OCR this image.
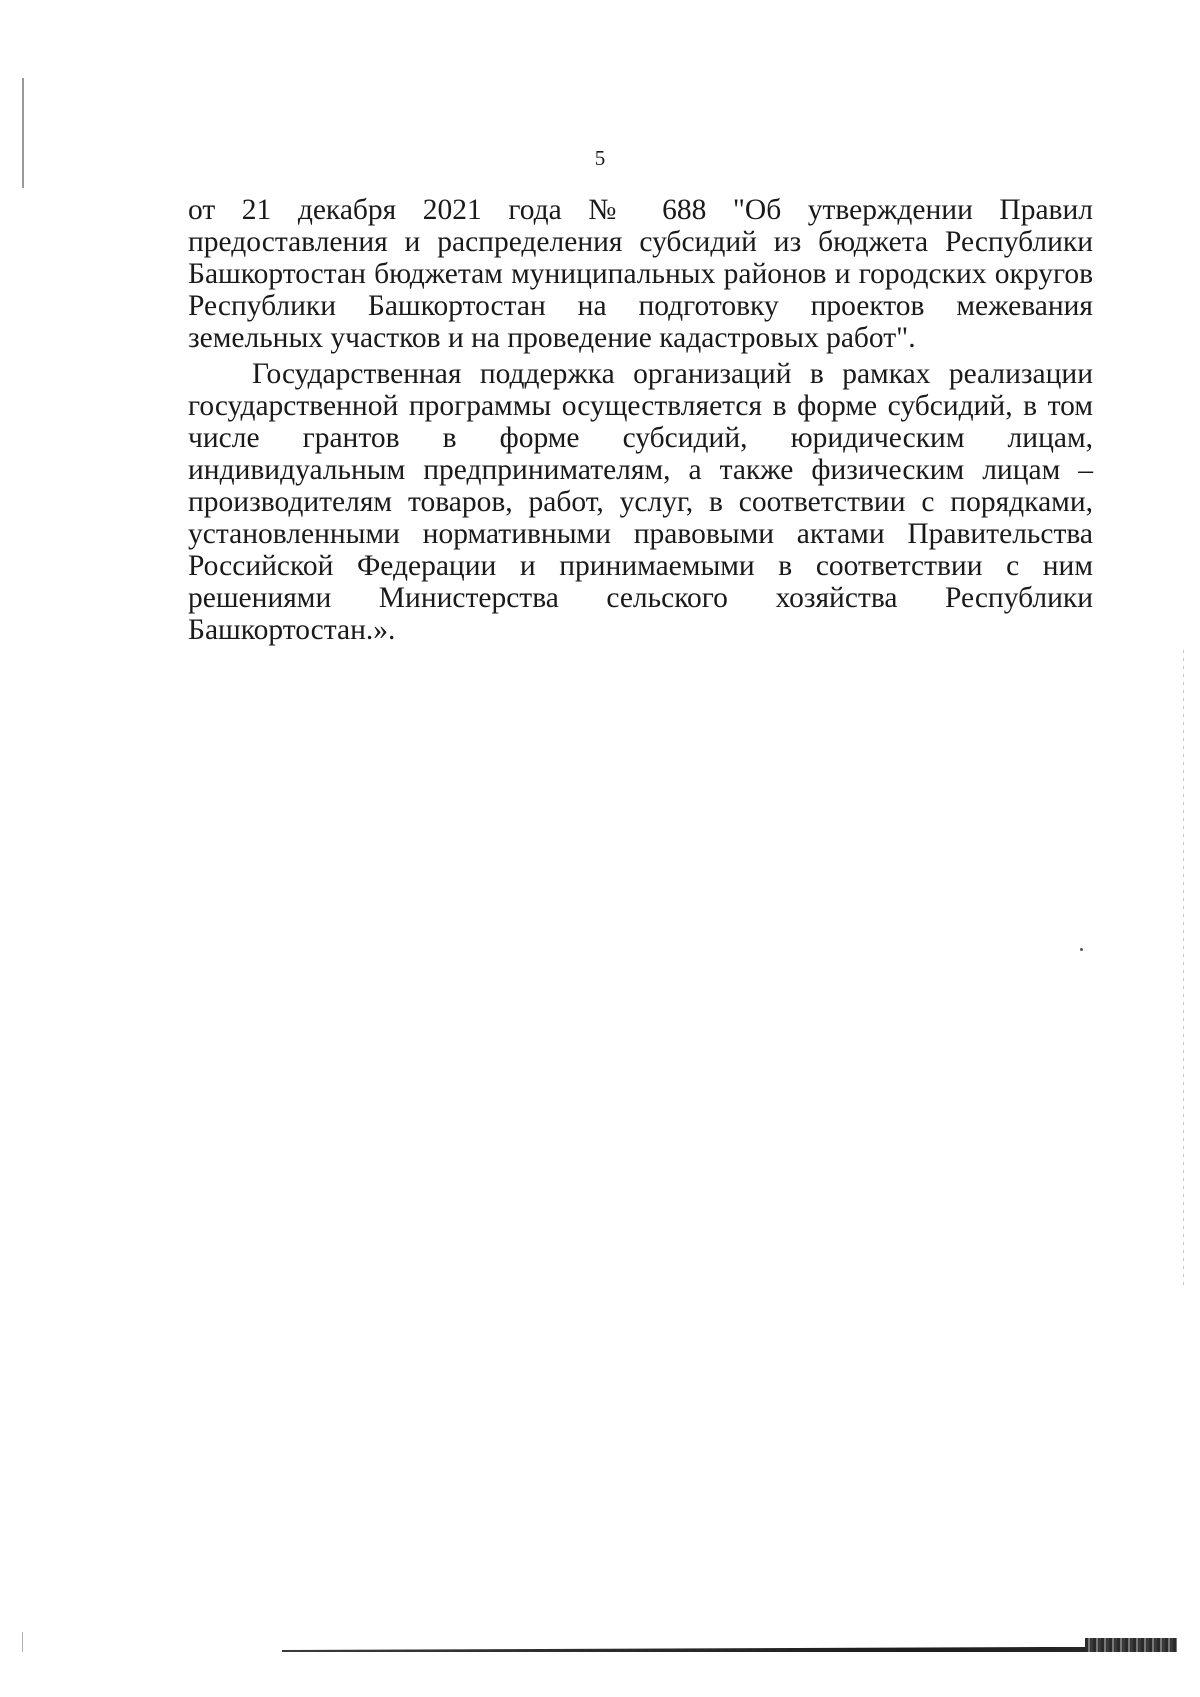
5

от 21 декабря 2021 года № 688 "Об утверждении Правил предоставления и распределения субсидий из бюджета Республики Башкортостан бюджетам муниципальных районов и городских округов Республики Башкортостан на подготовку проектов межевания земельных участков и на проведение кадастровых работ".

Государственная поддержка организаций в рамках реализации государственной программы осуществляется в форме субсидий, в том числе грантов в форме субсидий, юридическим лицам, индивидуальным предпринимателям, а также физическим лицам – производителям товаров, работ, услуг, в соответствии с порядками, установленными нормативными правовыми актами Правительства Российской Федерации и принимаемыми в соответствии с ним решениями Министерства сельского хозяйства Республики Башкортостан.».
